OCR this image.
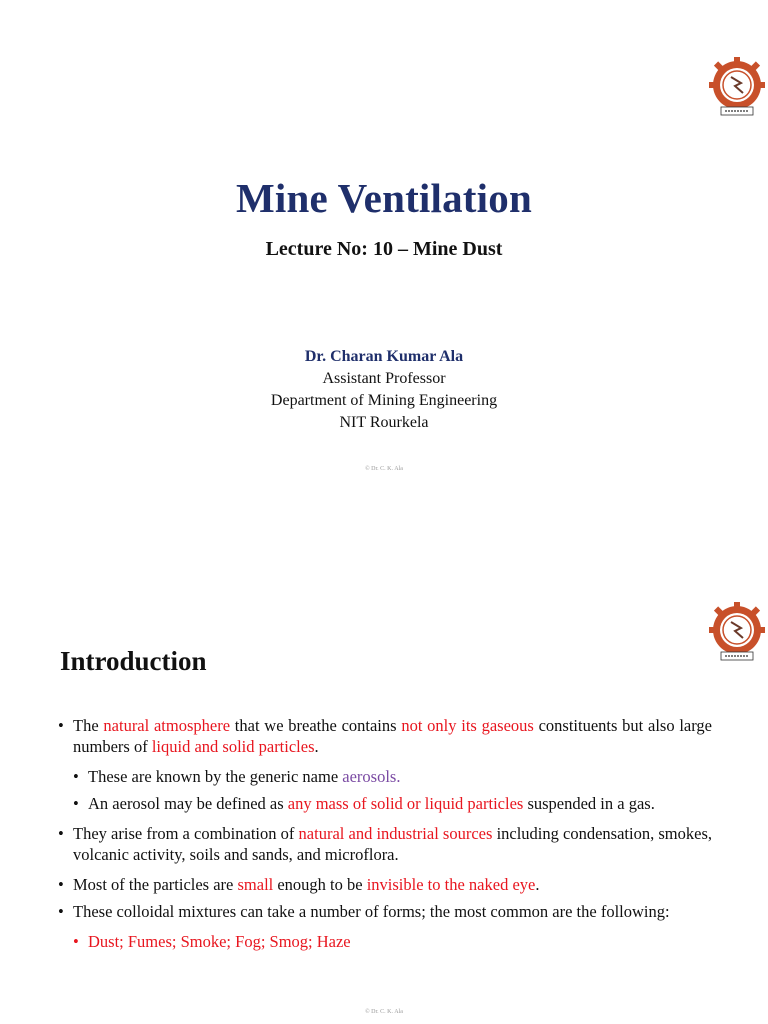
Mine Ventilation
Lecture No: 10 – Mine Dust
Dr. Charan Kumar Ala
Assistant Professor
Department of Mining Engineering
NIT Rourkela
© Dr. C. K. Ala
Introduction
• The natural atmosphere that we breathe contains not only its gaseous constituents but also large numbers of liquid and solid particles.
• These are known by the generic name aerosols.
• An aerosol may be defined as any mass of solid or liquid particles suspended in a gas.
• They arise from a combination of natural and industrial sources including condensation, smokes, volcanic activity, soils and sands, and microflora.
• Most of the particles are small enough to be invisible to the naked eye.
• These colloidal mixtures can take a number of forms; the most common are the following:
• Dust; Fumes; Smoke; Fog; Smog; Haze
© Dr. C. K. Ala
